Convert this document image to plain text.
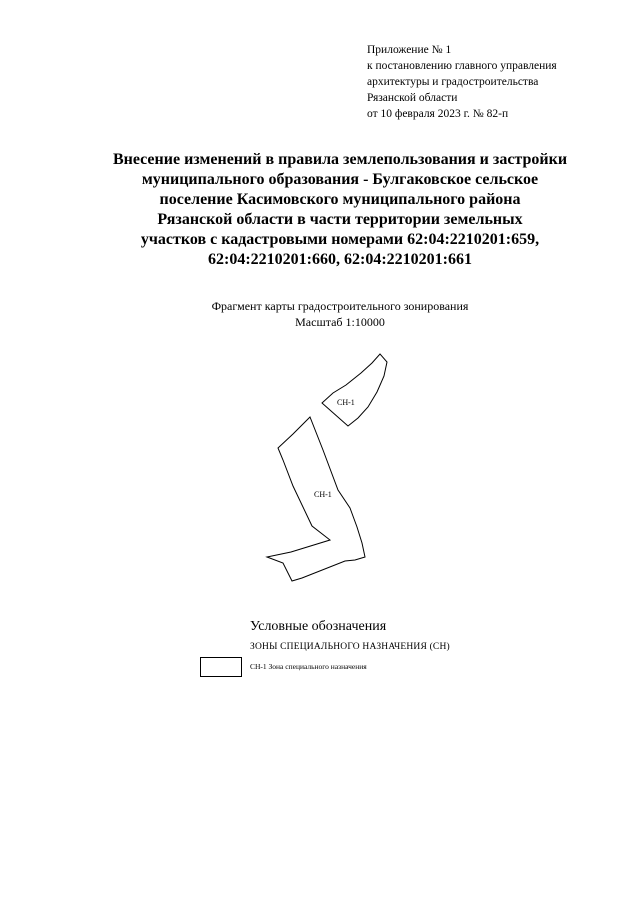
Приложение № 1
к постановлению главного управления
архитектуры и градостроительства
Рязанской области
от 10 февраля 2023 г. № 82-п
Внесение изменений в правила землепользования и застройки
муниципального образования - Булгаковское сельское
поселение Касимовского муниципального района
Рязанской области в части территории земельных
участков с кадастровыми номерами 62:04:2210201:659,
62:04:2210201:660, 62:04:2210201:661
Фрагмент карты градостроительного зонирования
Масштаб 1:10000
СН-1
СН-1
Условные обозначения
ЗОНЫ СПЕЦИАЛЬНОГО НАЗНАЧЕНИЯ (СН)
СН-1 Зона специального назначения
